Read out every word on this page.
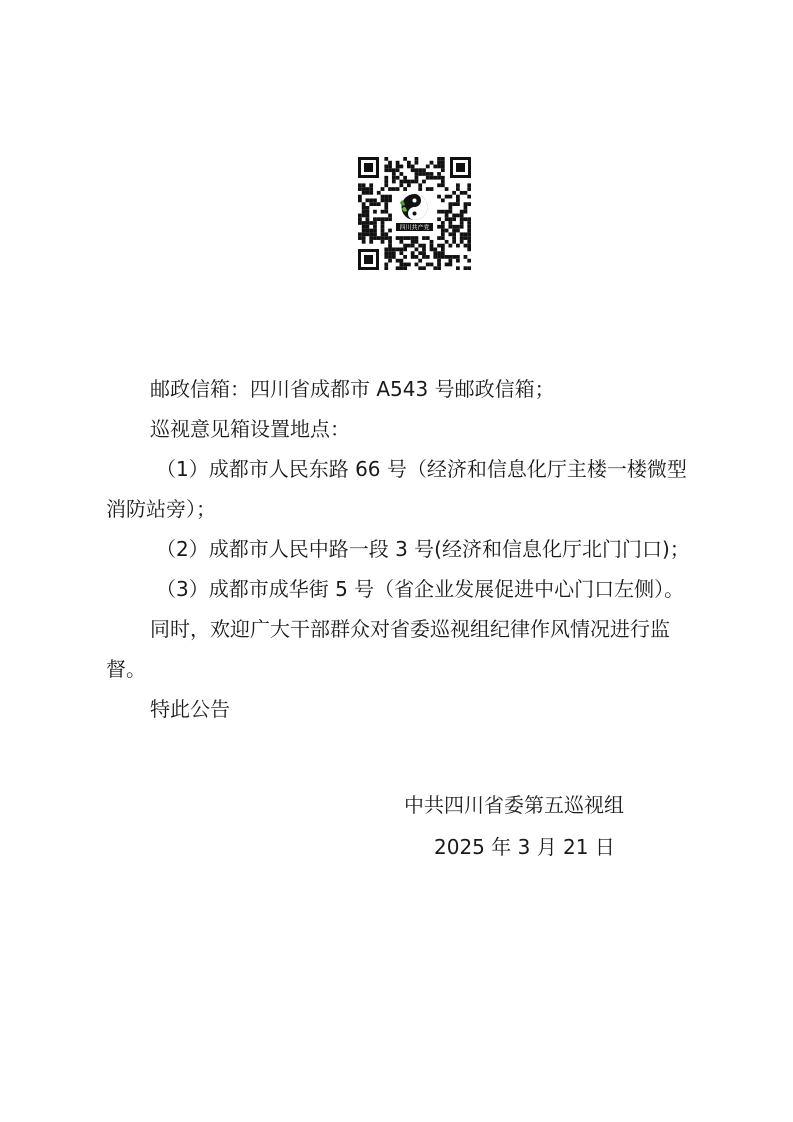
四川共产党

邮政信箱：四川省成都市 A543 号邮政信箱；

巡视意见箱设置地点：

（1）成都市人民东路 66 号（经济和信息化厅主楼一楼微型消防站旁）；

（2）成都市人民中路一段 3 号(经济和信息化厅北门门口)；

（3）成都市成华街 5 号（省企业发展促进中心门口左侧）。

同时，欢迎广大干部群众对省委巡视组纪律作风情况进行监督。

特此公告

中共四川省委第五巡视组
2025 年 3 月 21 日
